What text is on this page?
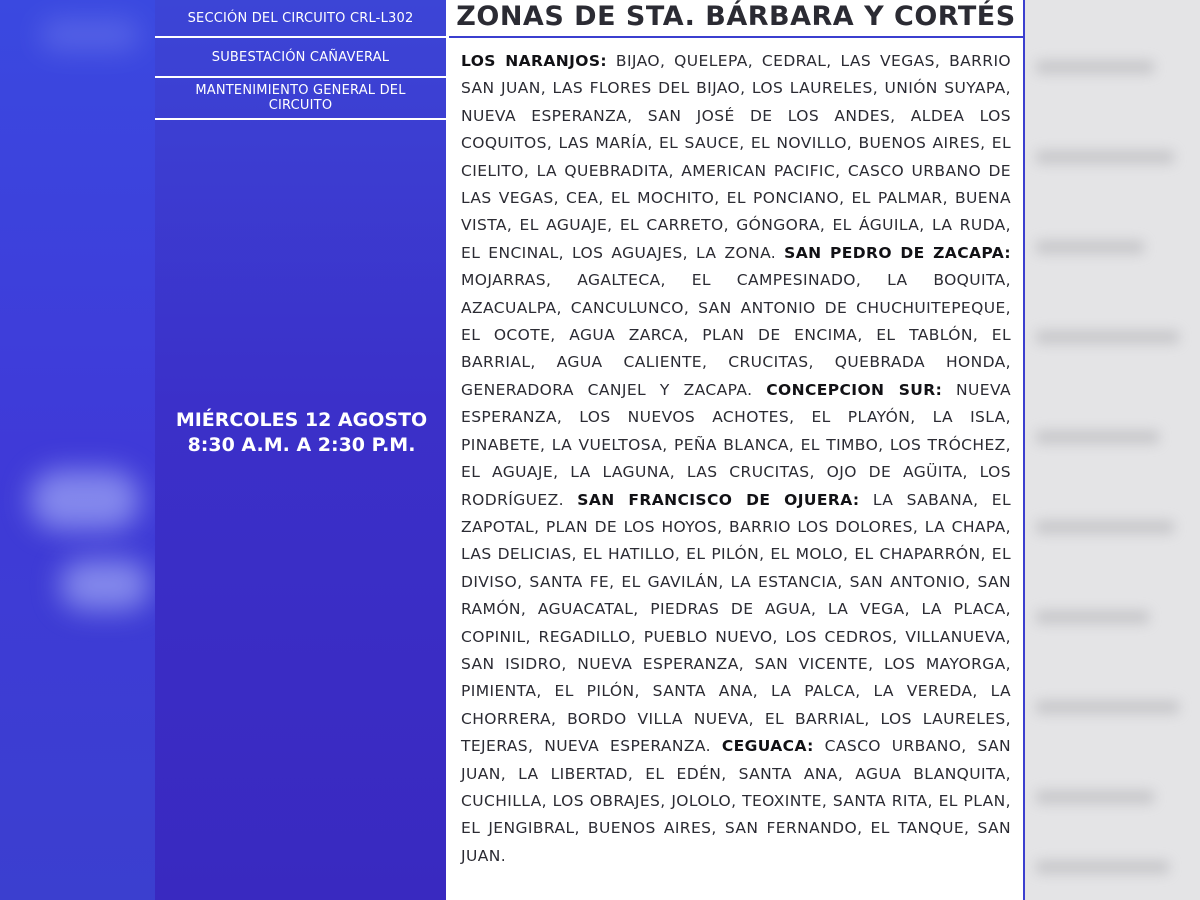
SECCIÓN DEL CIRCUITO CRL-L302
SUBESTACIÓN CAÑAVERAL
MANTENIMIENTO GENERAL DEL CIRCUITO
MIÉRCOLES 12 AGOSTO
8:30 A.M. A 2:30 P.M.
ZONAS DE STA. BÁRBARA Y CORTÉS
LOS NARANJOS: BIJAO, QUELEPA, CEDRAL, LAS VEGAS, BARRIO SAN JUAN, LAS FLORES DEL BIJAO, LOS LAURELES, UNIÓN SUYAPA, NUEVA ESPERANZA, SAN JOSÉ DE LOS ANDES, ALDEA LOS COQUITOS, LAS MARÍA, EL SAUCE, EL NOVILLO, BUENOS AIRES, EL CIELITO, LA QUEBRADITA, AMERICAN PACIFIC, CASCO URBANO DE LAS VEGAS, CEA, EL MOCHITO, EL PONCIANO, EL PALMAR, BUENA VISTA, EL AGUAJE, EL CARRETO, GÓNGORA, EL ÁGUILA, LA RUDA, EL ENCINAL, LOS AGUAJES, LA ZONA. SAN PEDRO DE ZACAPA: MOJARRAS, AGALTECA, EL CAMPESINADO, LA BOQUITA, AZACUALPA, CANCULUNCO, SAN ANTONIO DE CHUCHUITEPEQUE, EL OCOTE, AGUA ZARCA, PLAN DE ENCIMA, EL TABLÓN, EL BARRIAL, AGUA CALIENTE, CRUCITAS, QUEBRADA HONDA, GENERADORA CANJEL Y ZACAPA. CONCEPCION SUR: NUEVA ESPERANZA, LOS NUEVOS ACHOTES, EL PLAYÓN, LA ISLA, PINABETE, LA VUELTOSA, PEÑA BLANCA, EL TIMBO, LOS TRÓCHEZ, EL AGUAJE, LA LAGUNA, LAS CRUCITAS, OJO DE AGÜITA, LOS RODRÍGUEZ. SAN FRANCISCO DE OJUERA: LA SABANA, EL ZAPOTAL, PLAN DE LOS HOYOS, BARRIO LOS DOLORES, LA CHAPA, LAS DELICIAS, EL HATILLO, EL PILÓN, EL MOLO, EL CHAPARRÓN, EL DIVISO, SANTA FE, EL GAVILÁN, LA ESTANCIA, SAN ANTONIO, SAN RAMÓN, AGUACATAL, PIEDRAS DE AGUA, LA VEGA, LA PLACA, COPINIL, REGADILLO, PUEBLO NUEVO, LOS CEDROS, VILLANUEVA, SAN ISIDRO, NUEVA ESPERANZA, SAN VICENTE, LOS MAYORGA, PIMIENTA, EL PILÓN, SANTA ANA, LA PALCA, LA VEREDA, LA CHORRERA, BORDO VILLA NUEVA, EL BARRIAL, LOS LAURELES, TEJERAS, NUEVA ESPERANZA. CEGUACA: CASCO URBANO, SAN JUAN, LA LIBERTAD, EL EDÉN, SANTA ANA, AGUA BLANQUITA, CUCHILLA, LOS OBRAJES, JOLOLO, TEOXINTE, SANTA RITA, EL PLAN, EL JENGIBRAL, BUENOS AIRES, SAN FERNANDO, EL TANQUE, SAN JUAN.
